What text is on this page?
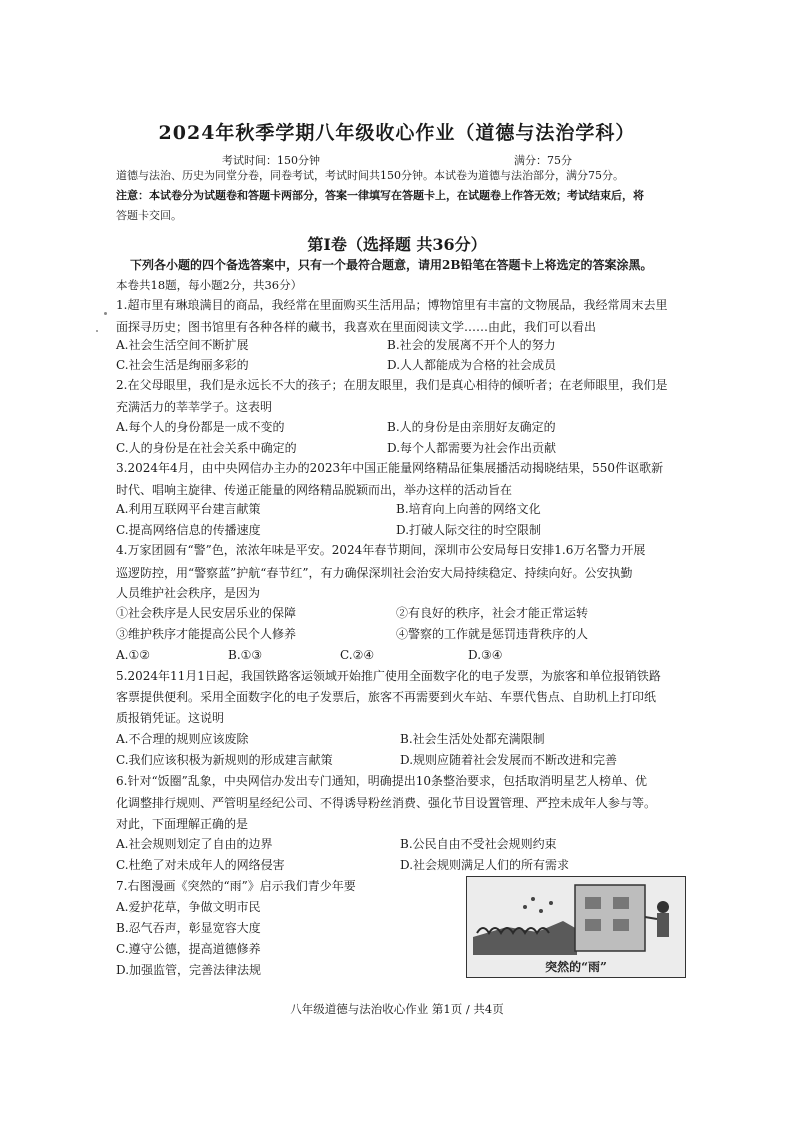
2024年秋季学期八年级收心作业（道德与法治学科）
考试时间：150分钟	满分：75分
道德与法治、历史为同堂分卷，同卷考试，考试时间共150分钟。本试卷为道德与法治部分，满分75分。
注意：本试卷分为试题卷和答题卡两部分，答案一律填写在答题卡上，在试题卷上作答无效；考试结束后，将
答题卡交回。
第Ⅰ卷（选择题 共36分）
下列各小题的四个备选答案中，只有一个最符合题意，请用2B铅笔在答题卡上将选定的答案涂黑。
本卷共18题，每小题2分，共36分）
1.超市里有琳琅满目的商品，我经常在里面购买生活用品；博物馆里有丰富的文物展品，我经常周末去里
面探寻历史；图书馆里有各种各样的藏书，我喜欢在里面阅读文学……由此，我们可以看出
A.社会生活空间不断扩展	B.社会的发展离不开个人的努力
C.社会生活是绚丽多彩的	D.人人都能成为合格的社会成员
2.在父母眼里，我们是永远长不大的孩子；在朋友眼里，我们是真心相待的倾听者；在老师眼里，我们是
充满活力的莘莘学子。这表明
A.每个人的身份都是一成不变的	B.人的身份是由亲朋好友确定的
C.人的身份是在社会关系中确定的	D.每个人都需要为社会作出贡献
3.2024年4月，由中央网信办主办的2023年中国正能量网络精品征集展播活动揭晓结果，550件讴歌新
时代、唱响主旋律、传递正能量的网络精品脱颖而出，举办这样的活动旨在
A.利用互联网平台建言献策	B.培育向上向善的网络文化
C.提高网络信息的传播速度	D.打破人际交往的时空限制
4.万家团圆有“警”色，浓浓年味是平安。2024年春节期间，深圳市公安局每日安排1.6万名警力开展
巡逻防控，用“警察蓝”护航“春节红”，有力确保深圳社会治安大局持续稳定、持续向好。公安执勤
人员维护社会秩序，是因为
①社会秩序是人民安居乐业的保障	②有良好的秩序，社会才能正常运转
③维护秩序才能提高公民个人修养	④警察的工作就是惩罚违背秩序的人
A.①②	B.①③	C.②④	D.③④
5.2024年11月1日起，我国铁路客运领域开始推广使用全面数字化的电子发票，为旅客和单位报销铁路
客票提供便利。采用全面数字化的电子发票后，旅客不再需要到火车站、车票代售点、自助机上打印纸
质报销凭证。这说明
A.不合理的规则应该废除	B.社会生活处处都充满限制
C.我们应该积极为新规则的形成建言献策	D.规则应随着社会发展而不断改进和完善
6.针对“饭圈”乱象，中央网信办发出专门通知，明确提出10条整治要求，包括取消明星艺人榜单、优
化调整排行规则、严管明星经纪公司、不得诱导粉丝消费、强化节目设置管理、严控未成年人参与等。
对此，下面理解正确的是
A.社会规则划定了自由的边界	B.公民自由不受社会规则约束
C.杜绝了对未成年人的网络侵害	D.社会规则满足人们的所有需求
7.右图漫画《突然的“雨”》启示我们青少年要
A.爱护花草，争做文明市民
B.忍气吞声，彰显宽容大度
C.遵守公德，提高道德修养
D.加强监管，完善法律法规	突然的“雨”
八年级道德与法治收心作业 第1页 / 共4页
